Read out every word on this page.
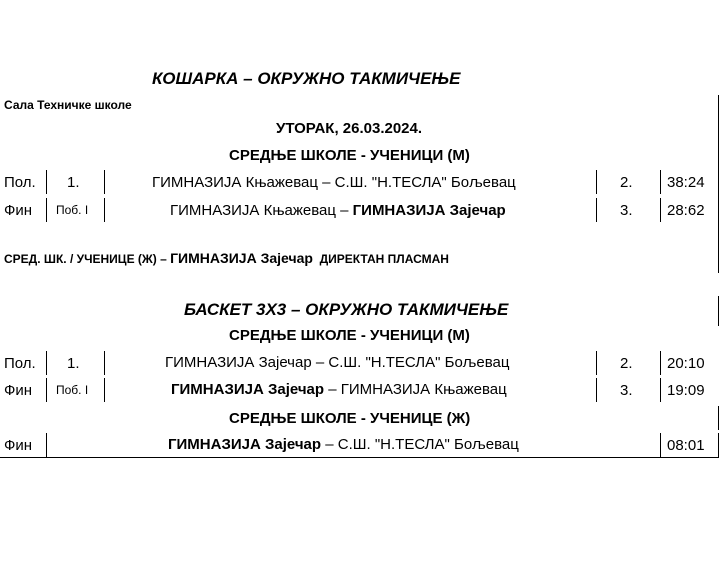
КОШАРКА – ОКРУЖНО ТАКМИЧЕЊЕ
Сала Техничке школе
УТОРАК, 26.03.2024.
СРЕДЊЕ ШКОЛЕ - УЧЕНИЦИ (М)
Пол. 1.	ГИМНАЗИЈА Књажевац – С.Ш. "Н.ТЕСЛА" Бољевац	2. 38:24
Фин Поб. I	ГИМНАЗИЈА Књажевац – ГИМНАЗИЈА Зајечар	3. 28:62
СРЕД. ШК. / УЧЕНИЦЕ (Ж) – ГИМНАЗИЈА Зајечар  ДИРЕКТАН ПЛАСМАН
БАСКЕТ 3Х3 – ОКРУЖНО ТАКМИЧЕЊЕ
СРЕДЊЕ ШКОЛЕ - УЧЕНИЦИ (М)
Пол. 1.	ГИМНАЗИЈА Зајечар – С.Ш. "Н.ТЕСЛА" Бољевац	2. 20:10
Фин Поб. I	ГИМНАЗИЈА Зајечар – ГИМНАЗИЈА Књажевац	3. 19:09
СРЕДЊЕ ШКОЛЕ - УЧЕНИЦЕ (Ж)
Фин	ГИМНАЗИЈА Зајечар – С.Ш. "Н.ТЕСЛА" Бољевац	08:01
